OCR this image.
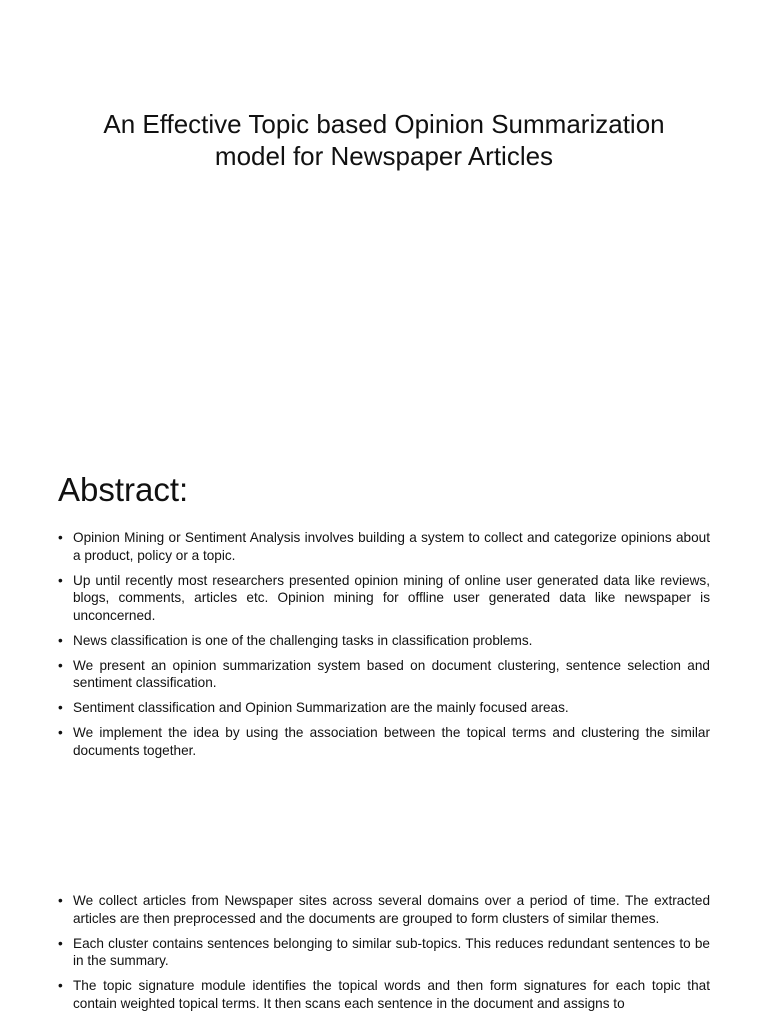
An Effective Topic based Opinion Summarization
model for Newspaper Articles
Abstract:
• Opinion Mining or Sentiment Analysis involves building a system to collect and categorize opinions about a product, policy or a topic.
• Up until recently most researchers presented opinion mining of online user generated data like reviews, blogs, comments, articles etc. Opinion mining for offline user generated data like newspaper is unconcerned.
• News classification is one of the challenging tasks in classification problems.
• We present an opinion summarization system based on document clustering, sentence selection and sentiment classification.
• Sentiment classification and Opinion Summarization are the mainly focused areas.
• We implement the idea by using the association between the topical terms and clustering the similar documents together.
• We collect articles from Newspaper sites across several domains over a period of time. The extracted articles are then preprocessed and the documents are grouped to form clusters of similar themes.
• Each cluster contains sentences belonging to similar sub-topics. This reduces redundant sentences to be in the summary.
• The topic signature module identifies the topical words and then form signatures for each topic that contain weighted topical terms. It then scans each sentence in the document and assigns to
